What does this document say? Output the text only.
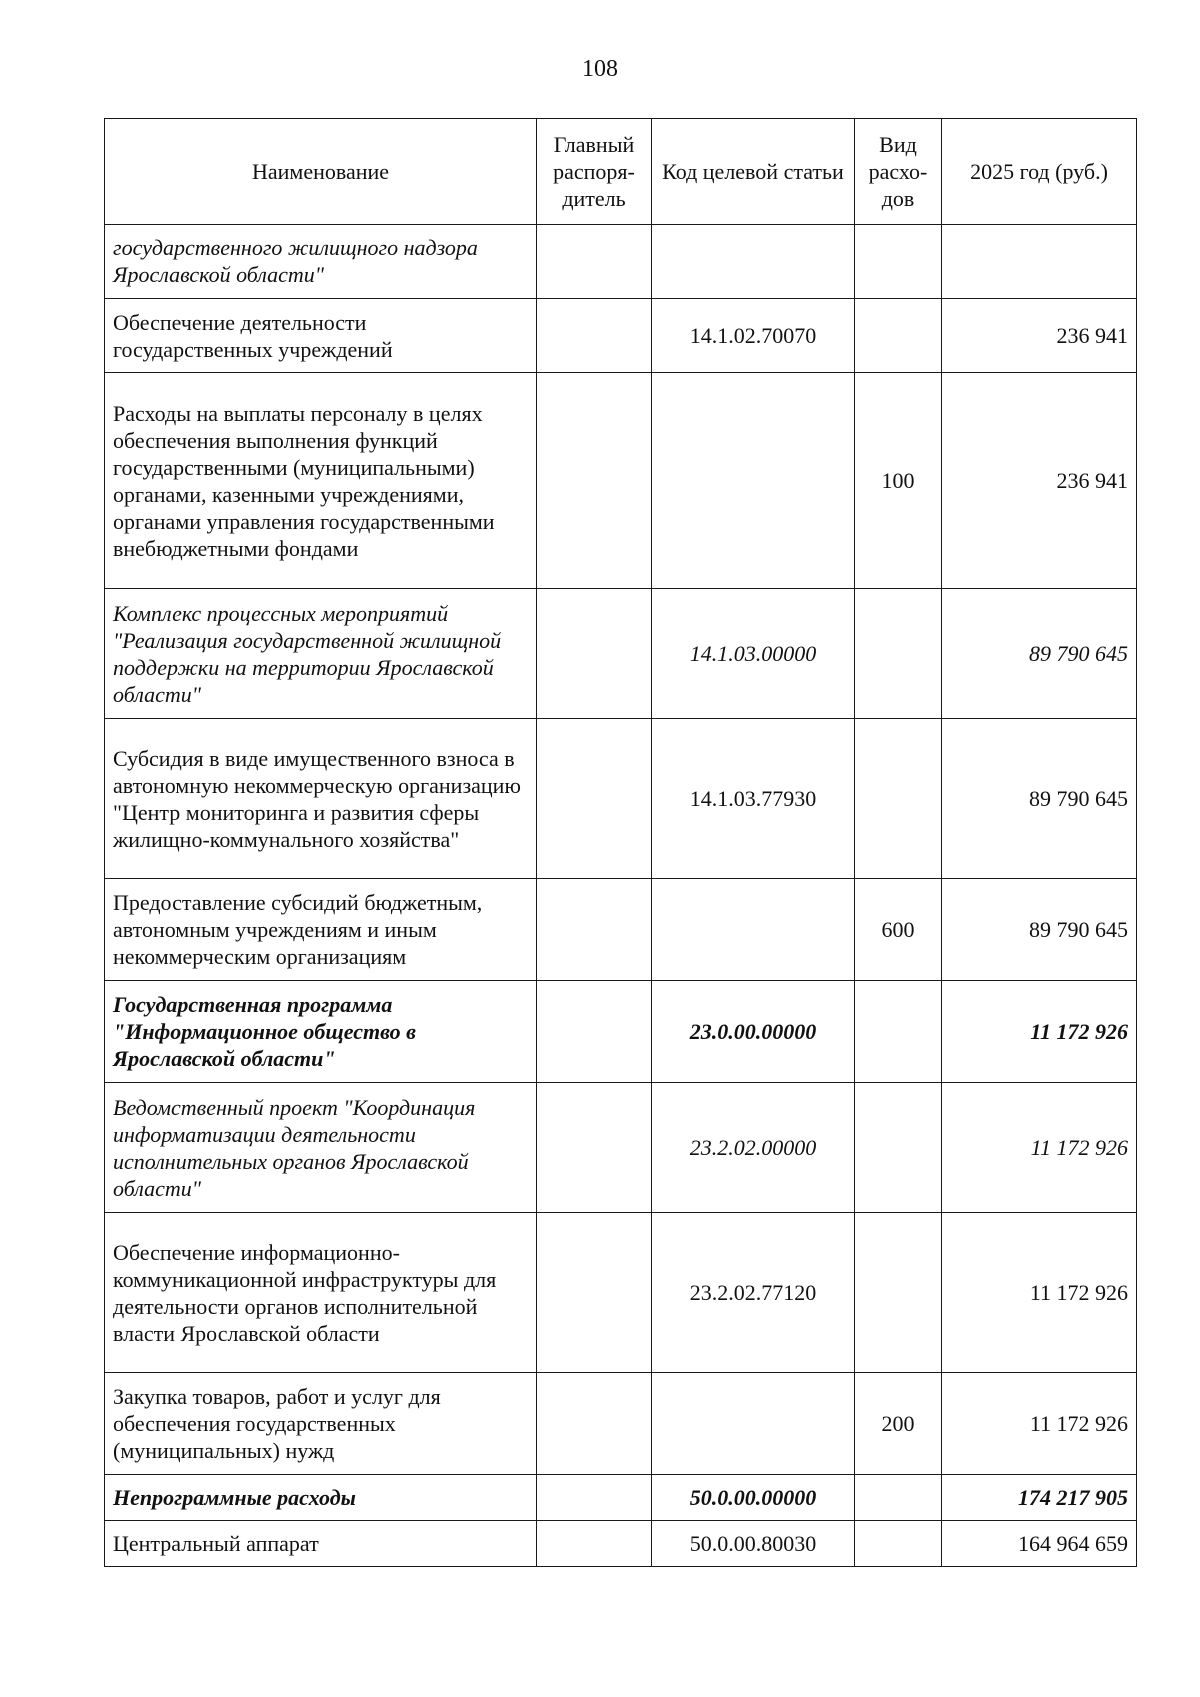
108
Наименование	Главный распоря-дитель	Код целевой статьи	Вид расхо-дов	2025 год (руб.)
государственного жилищного надзора Ярославской области"				
Обеспечение деятельности государственных учреждений		14.1.02.70070		236 941
Расходы на выплаты персоналу в целях обеспечения выполнения функций государственными (муниципальными) органами, казенными учреждениями, органами управления государственными внебюджетными фондами			100	236 941
Комплекс процессных мероприятий "Реализация государственной жилищной поддержки на территории Ярославской области"		14.1.03.00000		89 790 645
Субсидия в виде имущественного взноса в автономную некоммерческую организацию "Центр мониторинга и развития сферы жилищно-коммунального хозяйства"		14.1.03.77930		89 790 645
Предоставление субсидий бюджетным, автономным учреждениям и иным некоммерческим организациям			600	89 790 645
Государственная программа "Информационное общество в Ярославской области"		23.0.00.00000		11 172 926
Ведомственный проект "Координация информатизации деятельности исполнительных органов Ярославской области"		23.2.02.00000		11 172 926
Обеспечение информационно-коммуникационной инфраструктуры для деятельности органов исполнительной власти Ярославской области		23.2.02.77120		11 172 926
Закупка товаров, работ и услуг для обеспечения государственных (муниципальных) нужд			200	11 172 926
Непрограммные расходы		50.0.00.00000		174 217 905
Центральный аппарат		50.0.00.80030		164 964 659
